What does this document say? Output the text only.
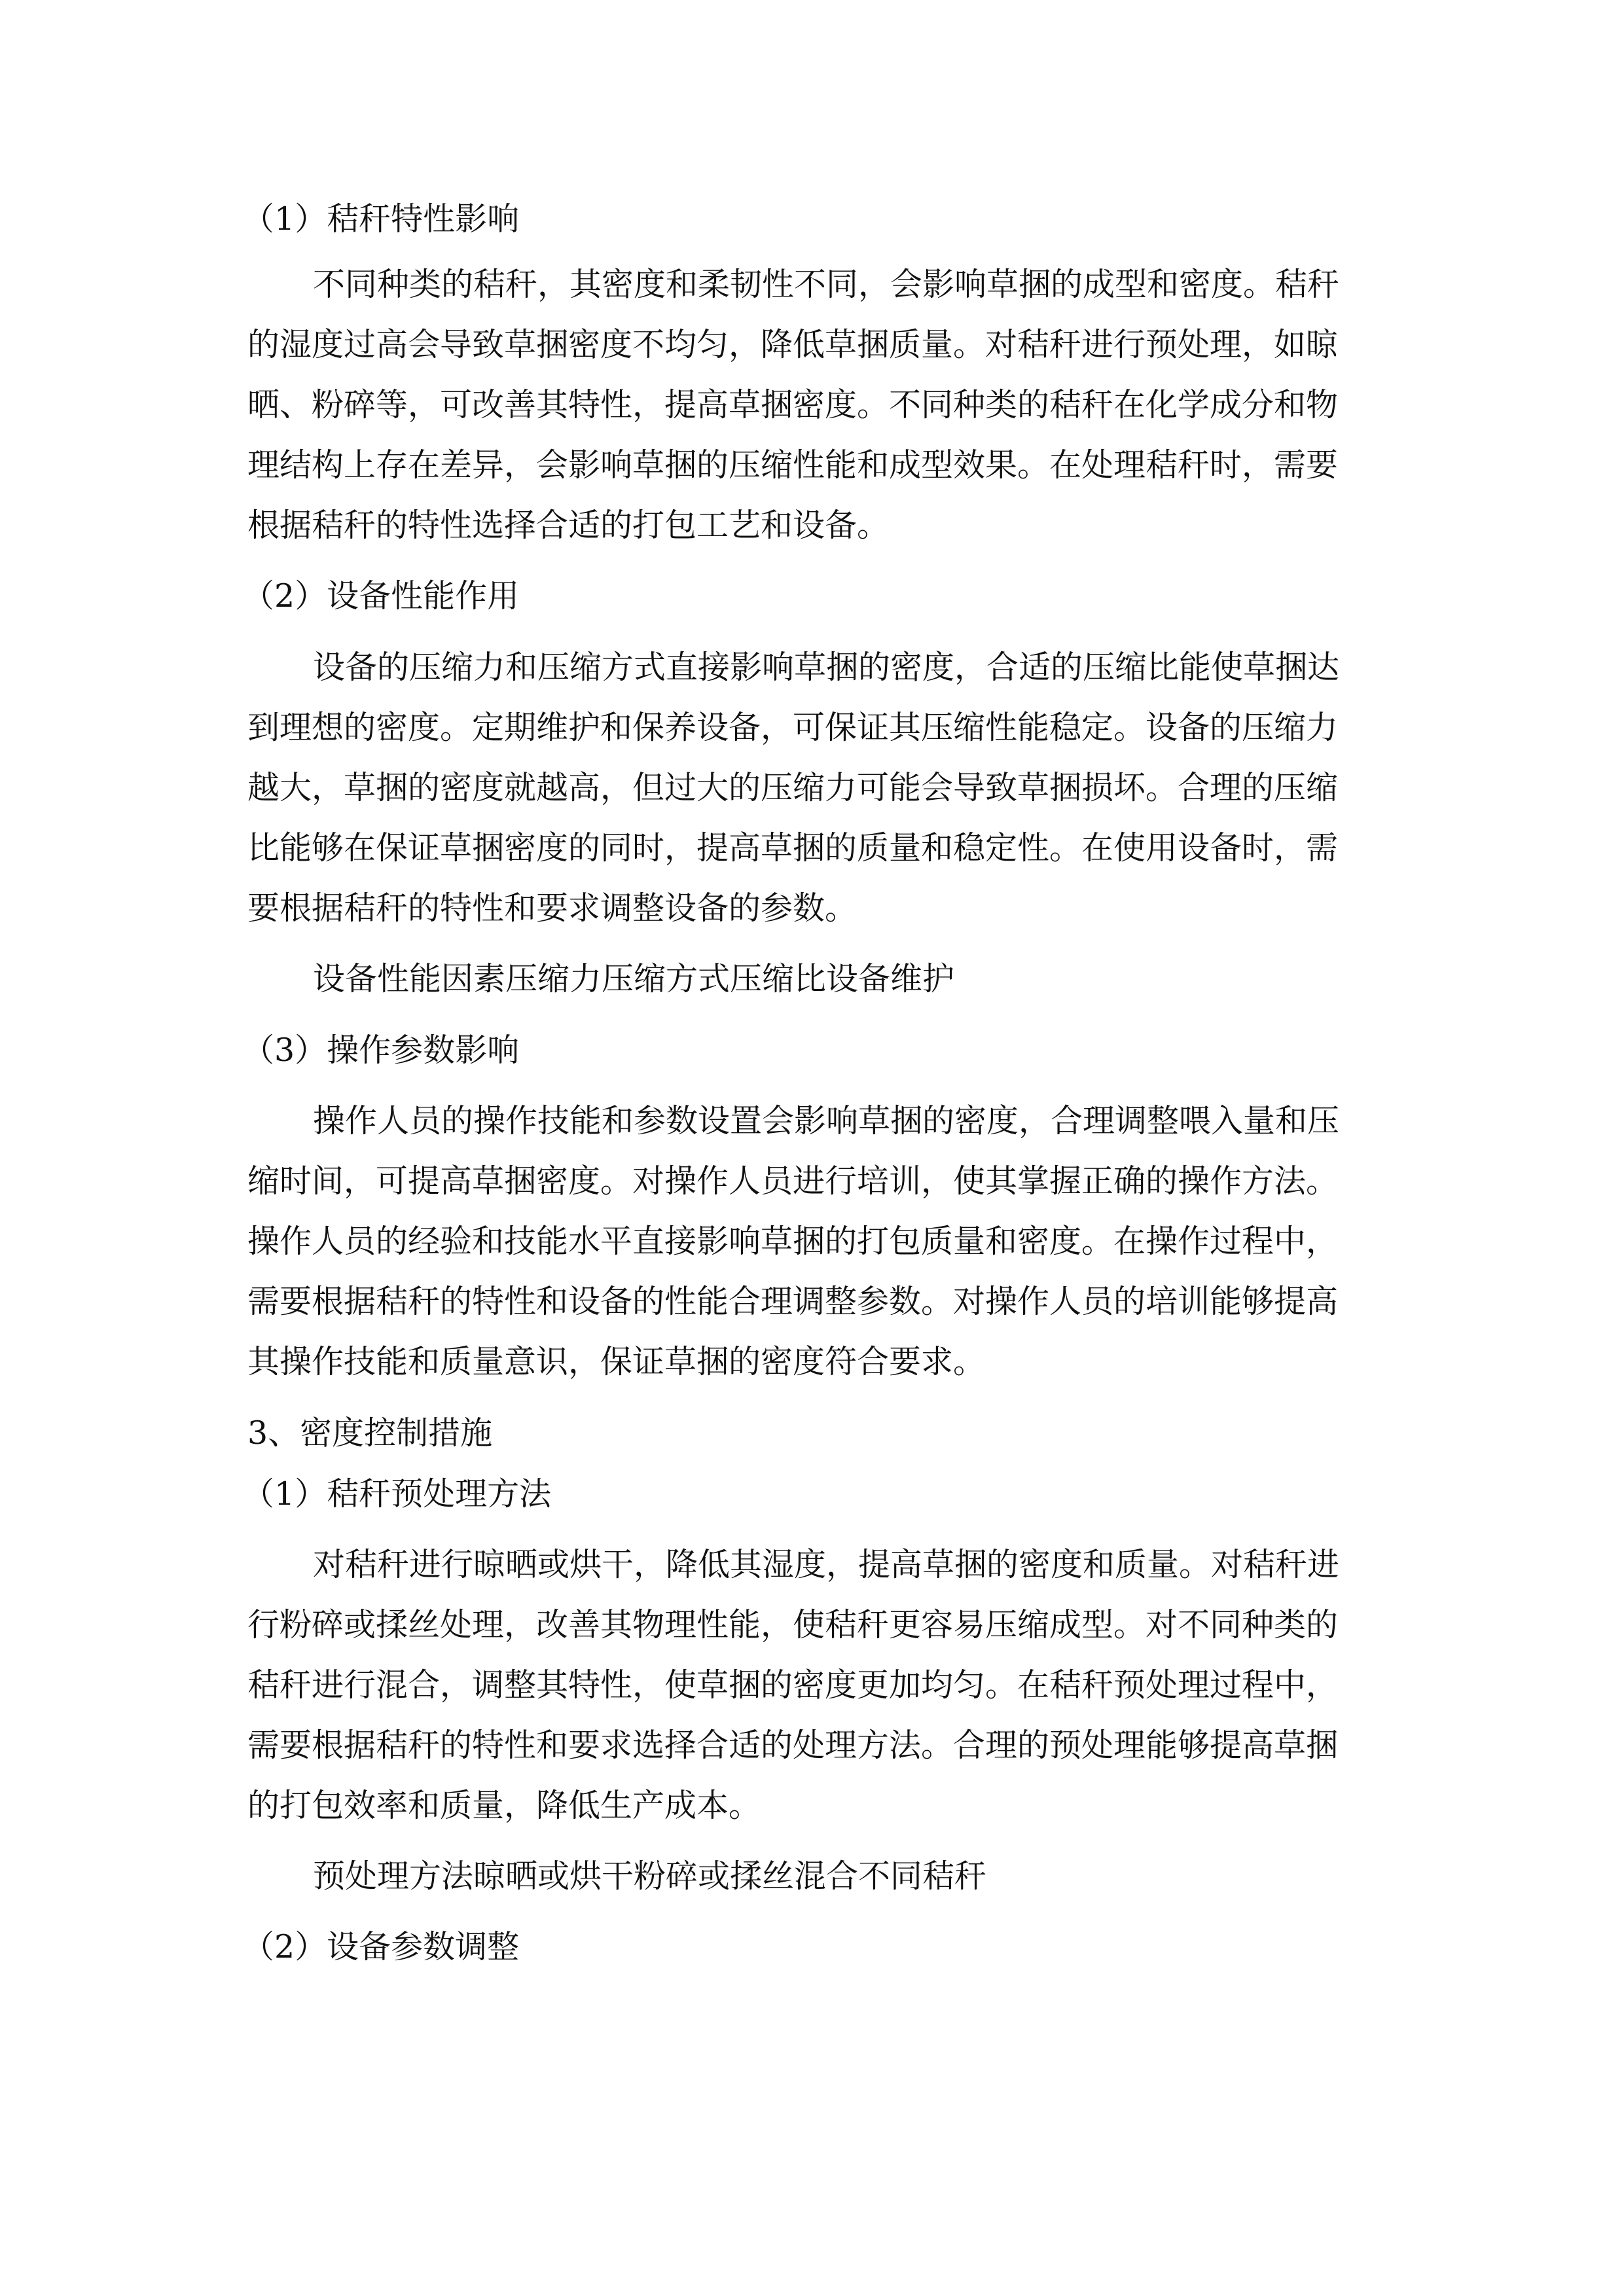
（1）秸秆特性影响
不同种类的秸秆，其密度和柔韧性不同，会影响草捆的成型和密度。秸秆
的湿度过高会导致草捆密度不均匀，降低草捆质量。对秸秆进行预处理，如晾
晒、粉碎等，可改善其特性，提高草捆密度。不同种类的秸秆在化学成分和物
理结构上存在差异，会影响草捆的压缩性能和成型效果。在处理秸秆时，需要
根据秸秆的特性选择合适的打包工艺和设备。
（2）设备性能作用
设备的压缩力和压缩方式直接影响草捆的密度，合适的压缩比能使草捆达
到理想的密度。定期维护和保养设备，可保证其压缩性能稳定。设备的压缩力
越大，草捆的密度就越高，但过大的压缩力可能会导致草捆损坏。合理的压缩
比能够在保证草捆密度的同时，提高草捆的质量和稳定性。在使用设备时，需
要根据秸秆的特性和要求调整设备的参数。
设备性能因素压缩力压缩方式压缩比设备维护
（3）操作参数影响
操作人员的操作技能和参数设置会影响草捆的密度，合理调整喂入量和压
缩时间，可提高草捆密度。对操作人员进行培训，使其掌握正确的操作方法。
操作人员的经验和技能水平直接影响草捆的打包质量和密度。在操作过程中，
需要根据秸秆的特性和设备的性能合理调整参数。对操作人员的培训能够提高
其操作技能和质量意识，保证草捆的密度符合要求。
3、密度控制措施
（1）秸秆预处理方法
对秸秆进行晾晒或烘干，降低其湿度，提高草捆的密度和质量。对秸秆进
行粉碎或揉丝处理，改善其物理性能，使秸秆更容易压缩成型。对不同种类的
秸秆进行混合，调整其特性，使草捆的密度更加均匀。在秸秆预处理过程中，
需要根据秸秆的特性和要求选择合适的处理方法。合理的预处理能够提高草捆
的打包效率和质量，降低生产成本。
预处理方法晾晒或烘干粉碎或揉丝混合不同秸秆
（2）设备参数调整
